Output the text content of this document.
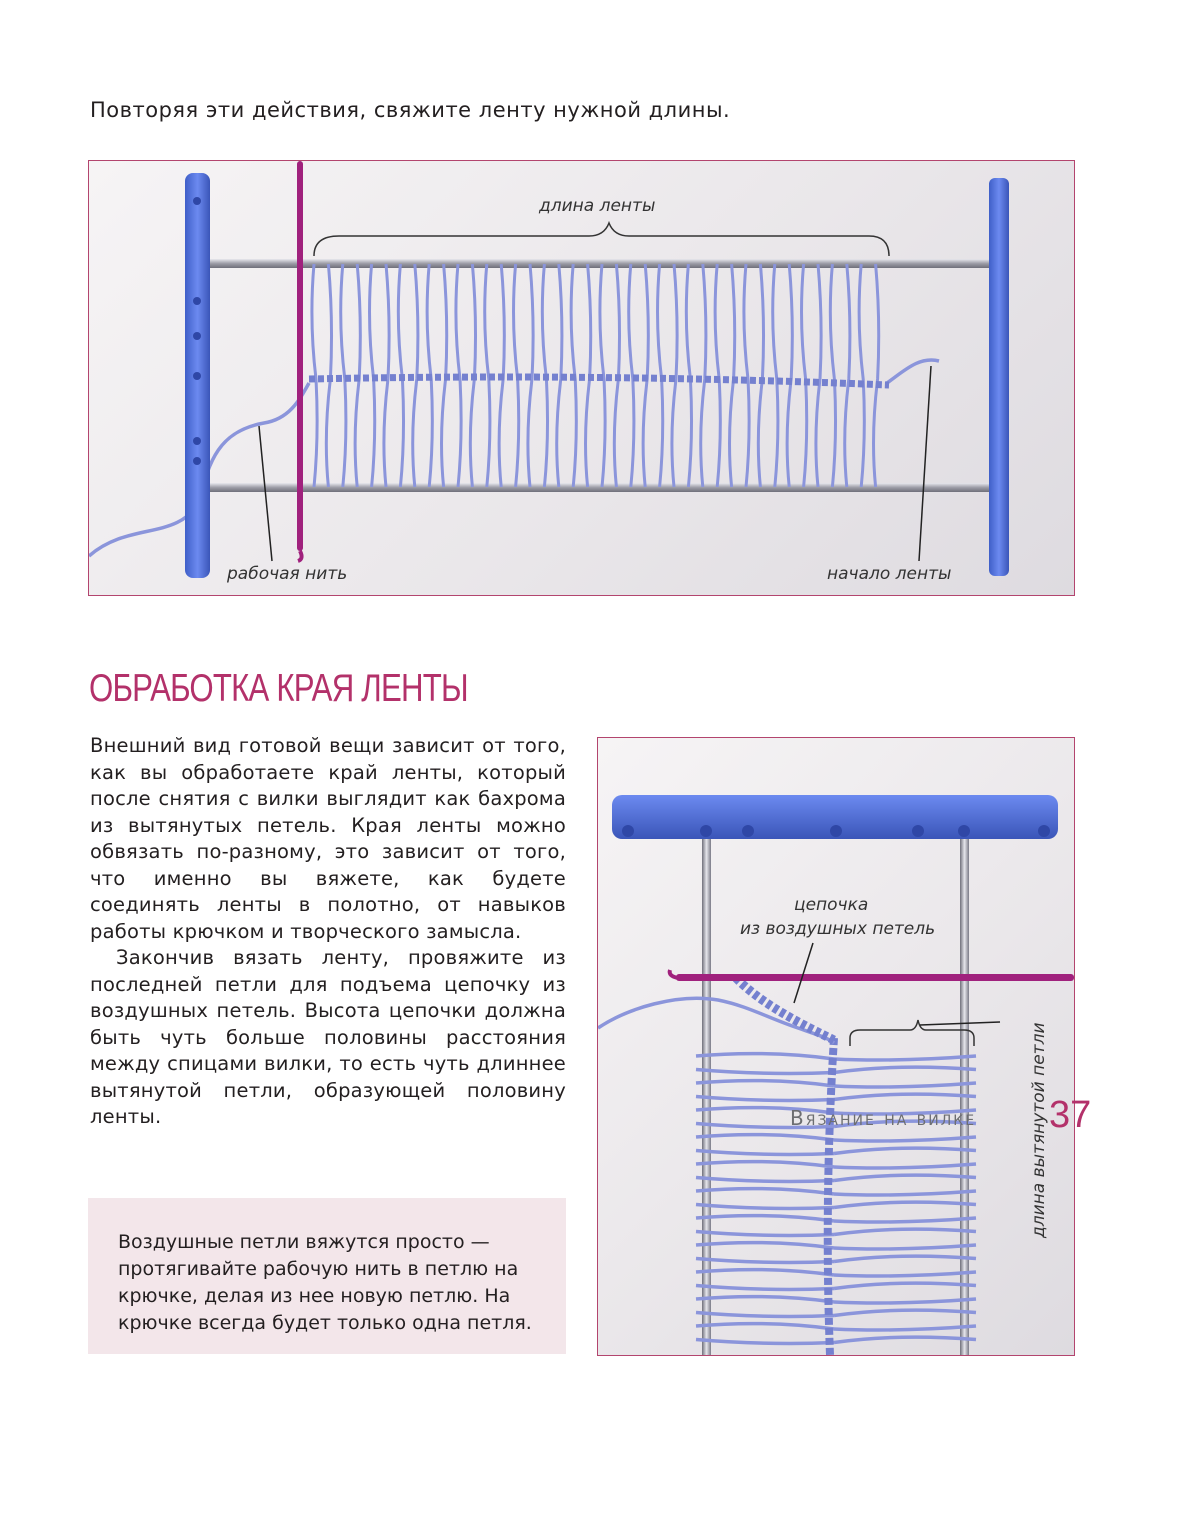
Повторяя эти действия, свяжите ленту нужной длины.

длина ленты
рабочая нить	начало ленты
ОБРАБОТКА КРАЯ ЛЕНТЫ

Внешний вид готовой вещи зависит от того, как вы обработаете край ленты, который после снятия с вилки выглядит как бахрома из вытянутых петель. Края ленты можно обвязать по-разному, это зависит от того, что именно вы вяжете, как будете соединять ленты в полотно, от навыков работы крючком и творческого замысла.

Закончив вязать ленту, провяжите из последней петли для подъема цепочку из воздушных петель. Высота цепочки должна быть чуть больше половины расстояния между спицами вилки, то есть чуть длиннее вытянутой петли, образующей половину ленты.

Воздушные петли вяжутся просто — протягивайте рабочую нить в петлю на крючке, делая из нее новую петлю. На крючке всегда будет только одна петля.
цепочка
из воздушных петель
длина вытянутой петли
Вязание на вилке 37
